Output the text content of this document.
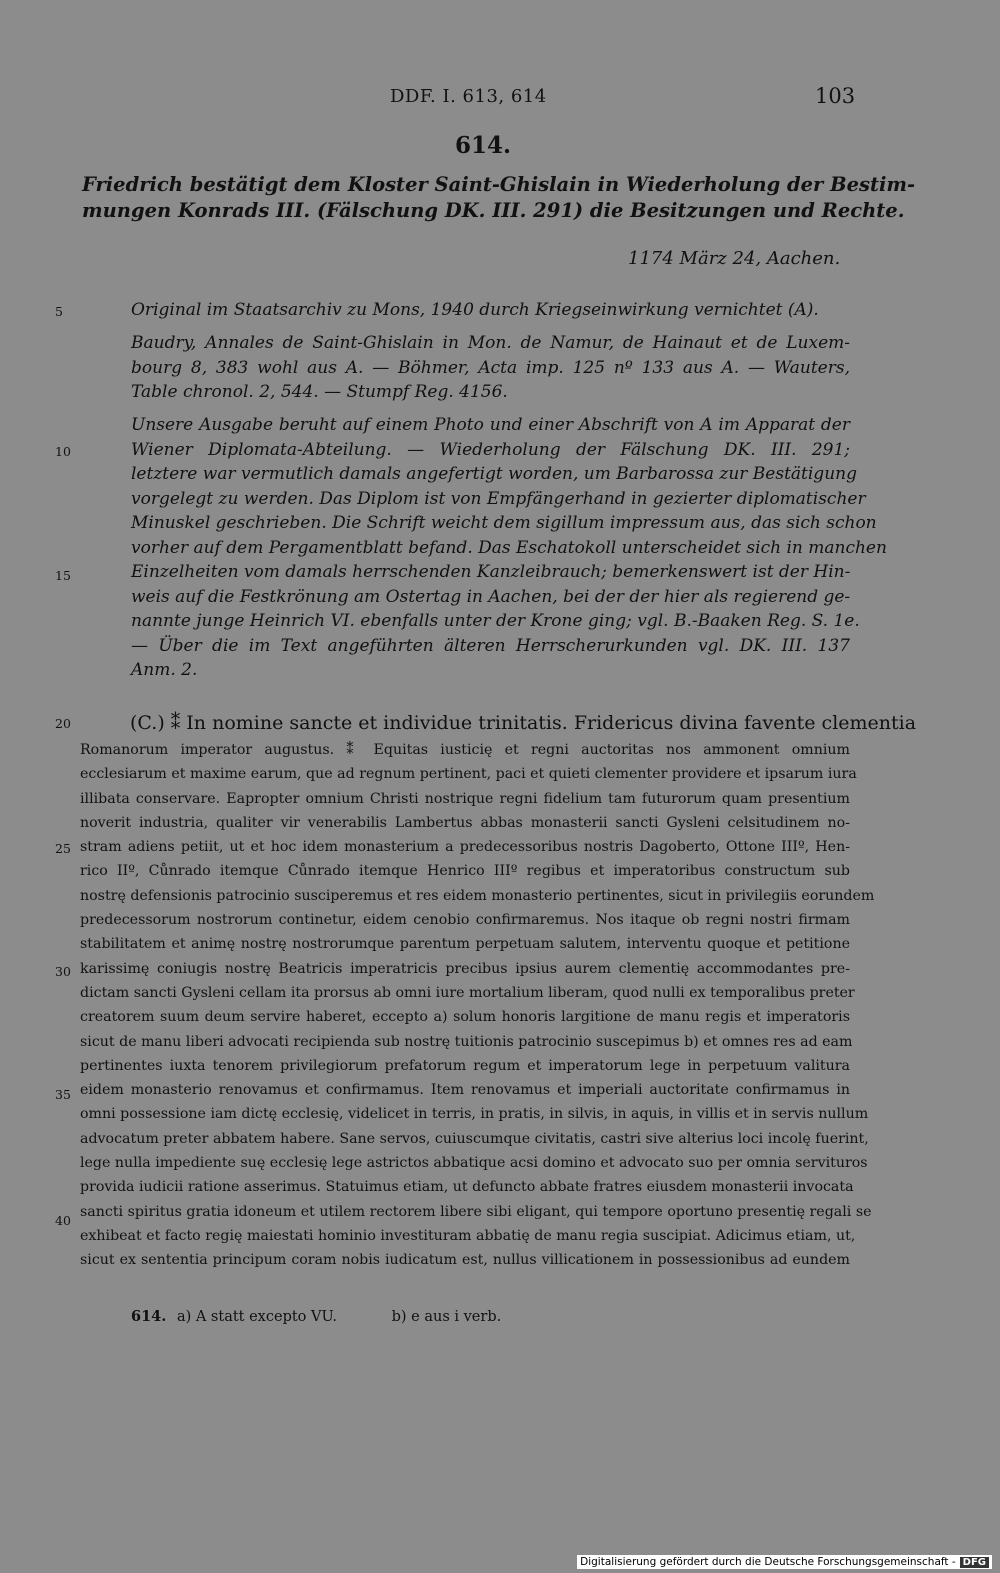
DDF. I. 613, 614	103
614.
Friedrich bestätigt dem Kloster Saint-Ghislain in Wiederholung der Bestim-
mungen Konrads III. (Fälschung DK. III. 291) die Besitzungen und Rechte.
1174 März 24, Aachen.
5
10
15
20
25
30
35
40
Original im Staatsarchiv zu Mons, 1940 durch Kriegseinwirkung vernichtet (A).
Baudry, Annales de Saint-Ghislain in Mon. de Namur, de Hainaut et de Luxem-
bourg 8, 383 wohl aus A. — Böhmer, Acta imp. 125 nº 133 aus A. — Wauters,
Table chronol. 2, 544. — Stumpf Reg. 4156.
Unsere Ausgabe beruht auf einem Photo und einer Abschrift von A im Apparat der
Wiener Diplomata-Abteilung. — Wiederholung der Fälschung DK. III. 291;
letztere war vermutlich damals angefertigt worden, um Barbarossa zur Bestätigung
vorgelegt zu werden. Das Diplom ist von Empfängerhand in gezierter diplomatischer
Minuskel geschrieben. Die Schrift weicht dem sigillum impressum aus, das sich schon
vorher auf dem Pergamentblatt befand. Das Eschatokoll unterscheidet sich in manchen
Einzelheiten vom damals herrschenden Kanzleibrauch; bemerkenswert ist der Hin-
weis auf die Festkrönung am Ostertag in Aachen, bei der der hier als regierend ge-
nannte junge Heinrich VI. ebenfalls unter der Krone ging; vgl. B.-Baaken Reg. S. 1e.
— Über die im Text angeführten älteren Herrscherurkunden vgl. DK. III. 137
Anm. 2.
(C.) ⁑ In nomine sancte et individue trinitatis. Fridericus divina favente clementia
Romanorum imperator augustus. ⁑ Equitas iusticię et regni auctoritas nos ammonent omnium
ecclesiarum et maxime earum, que ad regnum pertinent, paci et quieti clementer providere et ipsarum iura
illibata conservare. Eapropter omnium Christi nostrique regni fidelium tam futurorum quam presentium
noverit industria, qualiter vir venerabilis Lambertus abbas monasterii sancti Gysleni celsitudinem no-
stram adiens petiit, ut et hoc idem monasterium a predecessoribus nostris Dagoberto, Ottone IIIº, Hen-
rico IIº, Cůnrado itemque Cůnrado itemque Henrico IIIº regibus et imperatoribus constructum sub
nostrę defensionis patrocinio susciperemus et res eidem monasterio pertinentes, sicut in privilegiis eorundem
predecessorum nostrorum continetur, eidem cenobio confirmaremus. Nos itaque ob regni nostri firmam
stabilitatem et animę nostrę nostrorumque parentum perpetuam salutem, interventu quoque et petitione
karissimę coniugis nostrę Beatricis imperatricis precibus ipsius aurem clementię accommodantes pre-
dictam sancti Gysleni cellam ita prorsus ab omni iure mortalium liberam, quod nulli ex temporalibus preter
creatorem suum deum servire haberet, eccepto a) solum honoris largitione de manu regis et imperatoris
sicut de manu liberi advocati recipienda sub nostrę tuitionis patrocinio suscepimus b) et omnes res ad eam
pertinentes iuxta tenorem privilegiorum prefatorum regum et imperatorum lege in perpetuum valitura
eidem monasterio renovamus et confirmamus. Item renovamus et imperiali auctoritate confirmamus in
omni possessione iam dictę ecclesię, videlicet in terris, in pratis, in silvis, in aquis, in villis et in servis nullum
advocatum preter abbatem habere. Sane servos, cuiuscumque civitatis, castri sive alterius loci incolę fuerint,
lege nulla impediente suę ecclesię lege astrictos abbatique acsi domino et advocato suo per omnia servituros
provida iudicii ratione asserimus. Statuimus etiam, ut defuncto abbate fratres eiusdem monasterii invocata
sancti spiritus gratia idoneum et utilem rectorem libere sibi eligant, qui tempore oportuno presentię regali se
exhibeat et facto regię maiestati hominio investituram abbatię de manu regia suscipiat. Adicimus etiam, ut,
sicut ex sententia principum coram nobis iudicatum est, nullus villicationem in possessionibus ad eundem
614. a) A statt excepto VU.	b) e aus i verb.
Digitalisierung gefördert durch die Deutsche Forschungsgemeinschaft - DFG
